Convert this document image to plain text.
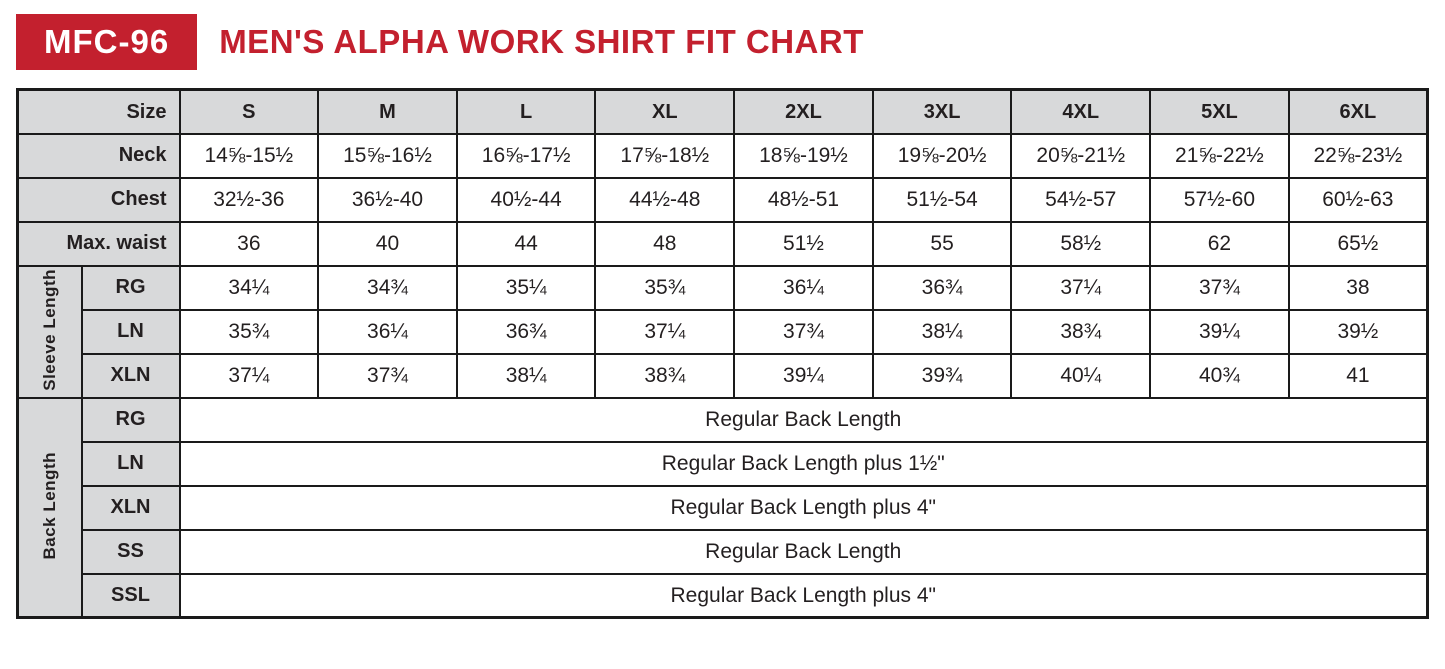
MFC-96	MEN'S ALPHA WORK SHIRT FIT CHART
Size		S	M	L	XL	2XL	3XL	4XL	5XL	6XL
Neck		14⅝-15½	15⅝-16½	16⅝-17½	17⅝-18½	18⅝-19½	19⅝-20½	20⅝-21½	21⅝-22½	22⅝-23½
Chest		32½-36	36½-40	40½-44	44½-48	48½-51	51½-54	54½-57	57½-60	60½-63
Max. waist		36	40	44	48	51½	55	58½	62	65½
Sleeve Length	RG	34¼	34¾	35¼	35¾	36¼	36¾	37¼	37¾	38
	LN	35¾	36¼	36¾	37¼	37¾	38¼	38¾	39¼	39½
	XLN	37¼	37¾	38¼	38¾	39¼	39¾	40¼	40¾	41
Back Length	RG	Regular Back Length								
	LN	Regular Back Length plus 1½"								
	XLN	Regular Back Length plus 4"								
	SS	Regular Back Length								
	SSL	Regular Back Length plus 4"								
